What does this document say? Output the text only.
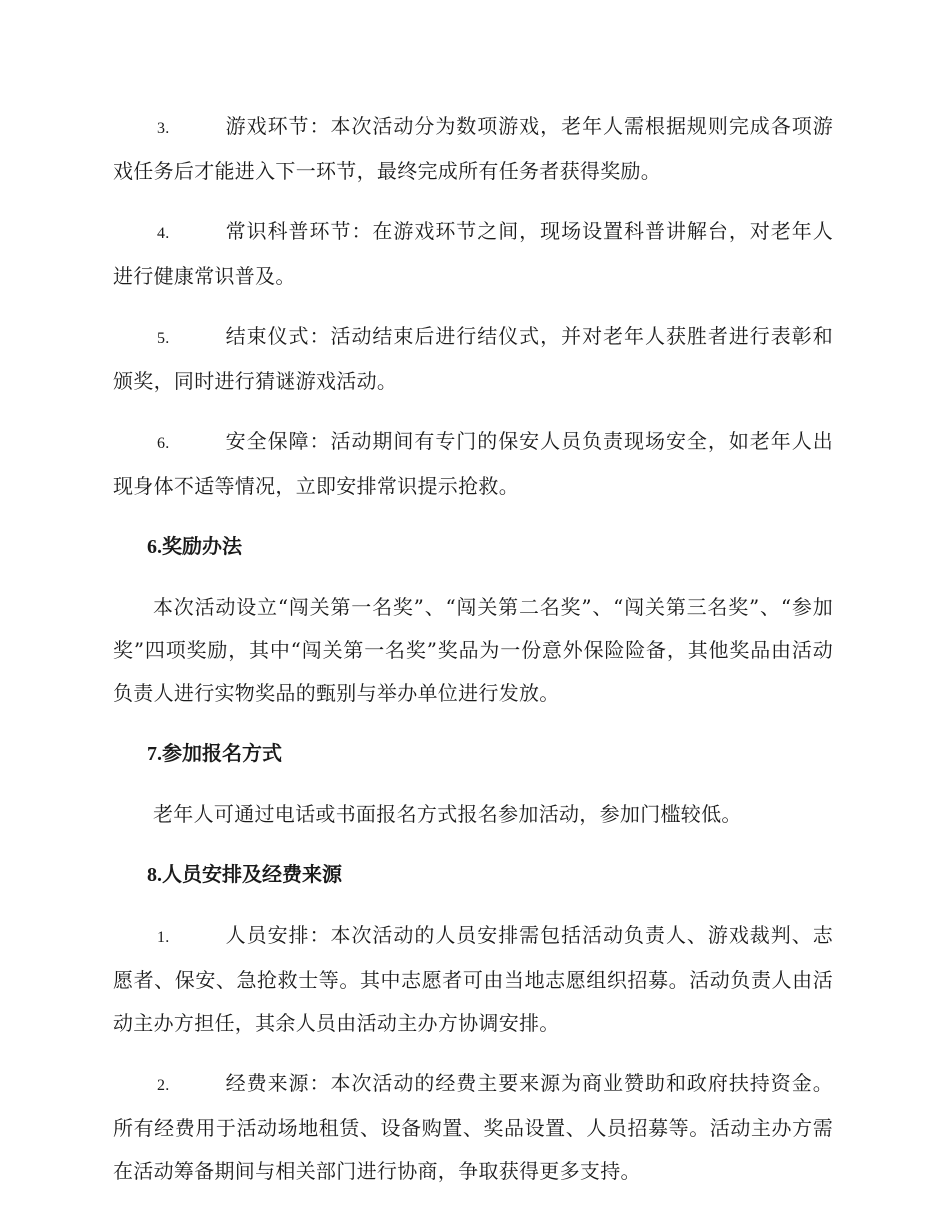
3.	游戏环节：本次活动分为数项游戏，老年人需根据规则完成各项游戏任务后才能进入下一环节，最终完成所有任务者获得奖励。

4.	常识科普环节：在游戏环节之间，现场设置科普讲解台，对老年人进行健康常识普及。

5.	结束仪式：活动结束后进行结仪式，并对老年人获胜者进行表彰和颁奖，同时进行猜谜游戏活动。

6.	安全保障：活动期间有专门的保安人员负责现场安全，如老年人出现身体不适等情况，立即安排常识提示抢救。

6.奖励办法

本次活动设立“闯关第一名奖”、“闯关第二名奖”、“闯关第三名奖”、“参加奖”四项奖励，其中“闯关第一名奖”奖品为一份意外保险险备，其他奖品由活动负责人进行实物奖品的甄别与举办单位进行发放。

7.参加报名方式

老年人可通过电话或书面报名方式报名参加活动，参加门槛较低。

8.人员安排及经费来源

1.	人员安排：本次活动的人员安排需包括活动负责人、游戏裁判、志愿者、保安、急抢救士等。其中志愿者可由当地志愿组织招募。活动负责人由活动主办方担任，其余人员由活动主办方协调安排。

2.	经费来源：本次活动的经费主要来源为商业赞助和政府扶持资金。所有经费用于活动场地租赁、设备购置、奖品设置、人员招募等。活动主办方需在活动筹备期间与相关部门进行协商，争取获得更多支持。
